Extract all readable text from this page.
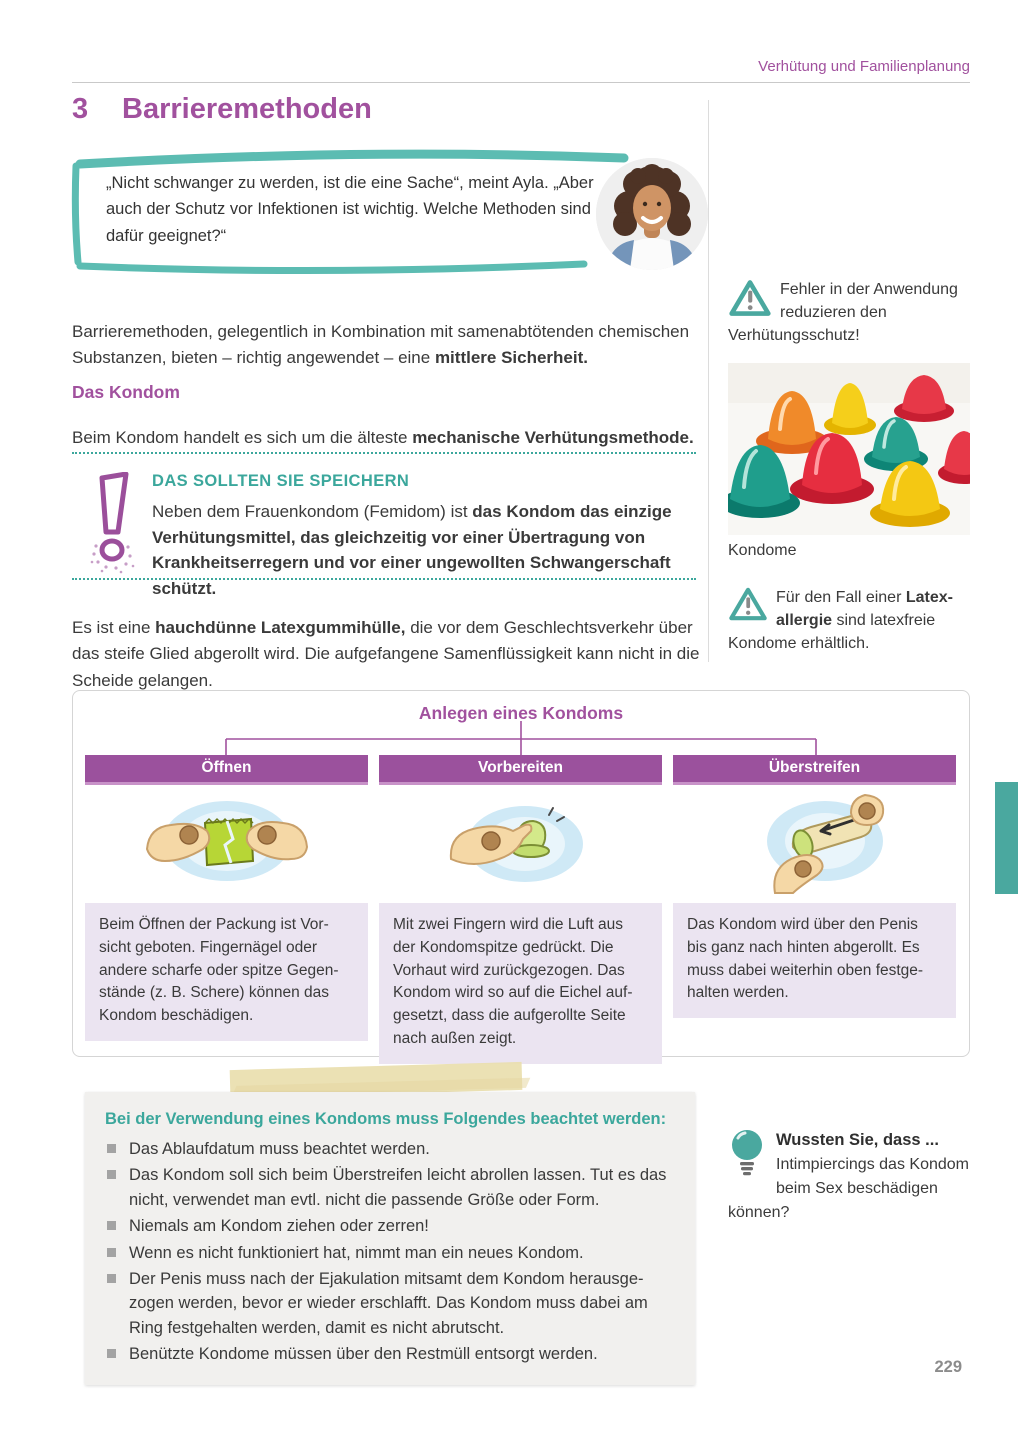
Verhütung und Familienplanung
3 Barrieremethoden
„Nicht schwanger zu werden, ist die eine Sache“, meint Ayla. „Aber auch der Schutz vor Infektionen ist wichtig. Welche Methoden sind dafür geeignet?“

Barrieremethoden, gelegentlich in Kombination mit samenabtötenden chemischen Substanzen, bieten – richtig angewendet – eine mittlere Sicherheit.

Das Kondom

Beim Kondom handelt es sich um die älteste mechanische Verhütungsmethode.

DAS SOLLTEN SIE SPEICHERN
Neben dem Frauenkondom (Femidom) ist das Kondom das einzige Verhütungsmittel, das gleichzeitig vor einer Übertragung von Krankheitserregern und vor einer ungewollten Schwangerschaft schützt.

Es ist eine hauchdünne Latexgummihülle, die vor dem Geschlechtsverkehr über das steife Glied abgerollt wird. Die aufgefangene Samenflüssigkeit kann nicht in die Scheide gelangen.

Fehler in der Anwendung reduzieren den Verhütungsschutz!
Kondome
Für den Fall einer Latexallergie sind latexfreie Kondome erhältlich.
Anlegen eines Kondoms
Öffnen
Beim Öffnen der Packung ist Vorsicht geboten. Fingernägel oder andere scharfe oder spitze Gegenstände (z. B. Schere) können das Kondom beschädigen.
Vorbereiten
Mit zwei Fingern wird die Luft aus der Kondomspitze gedrückt. Die Vorhaut wird zurückgezogen. Das Kondom wird so auf die Eichel aufgesetzt, dass die aufgerollte Seite nach außen zeigt.
Überstreifen
Das Kondom wird über den Penis bis ganz nach hinten abgerollt. Es muss dabei weiterhin oben festgehalten werden.
Bei der Verwendung eines Kondoms muss Folgendes beachtet werden:
Das Ablaufdatum muss beachtet werden.
Das Kondom soll sich beim Überstreifen leicht abrollen lassen. Tut es das nicht, verwendet man evtl. nicht die passende Größe oder Form.
Niemals am Kondom ziehen oder zerren!
Wenn es nicht funktioniert hat, nimmt man ein neues Kondom.
Der Penis muss nach der Ejakulation mitsamt dem Kondom herausgezogen werden, bevor er wieder erschlafft. Das Kondom muss dabei am Ring festgehalten werden, damit es nicht abrutscht.
Benützte Kondome müssen über den Restmüll entsorgt werden.
Wussten Sie, dass ...
Intimpiercings das Kondom beim Sex beschädigen können?
229
